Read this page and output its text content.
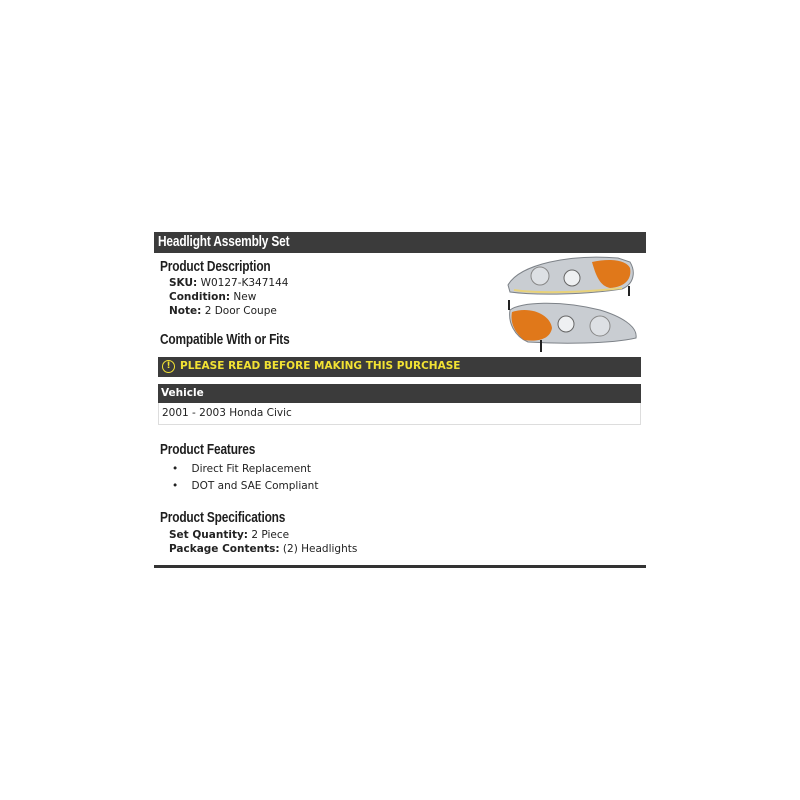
Headlight Assembly Set
Product Description
SKU: W0127-K347144
Condition: New
Note: 2 Door Coupe
Compatible With or Fits
! PLEASE READ BEFORE MAKING THIS PURCHASE
Vehicle
2001 - 2003 Honda Civic
Product Features
•    Direct Fit Replacement
•    DOT and SAE Compliant
Product Specifications
Set Quantity: 2 Piece
Package Contents: (2) Headlights
